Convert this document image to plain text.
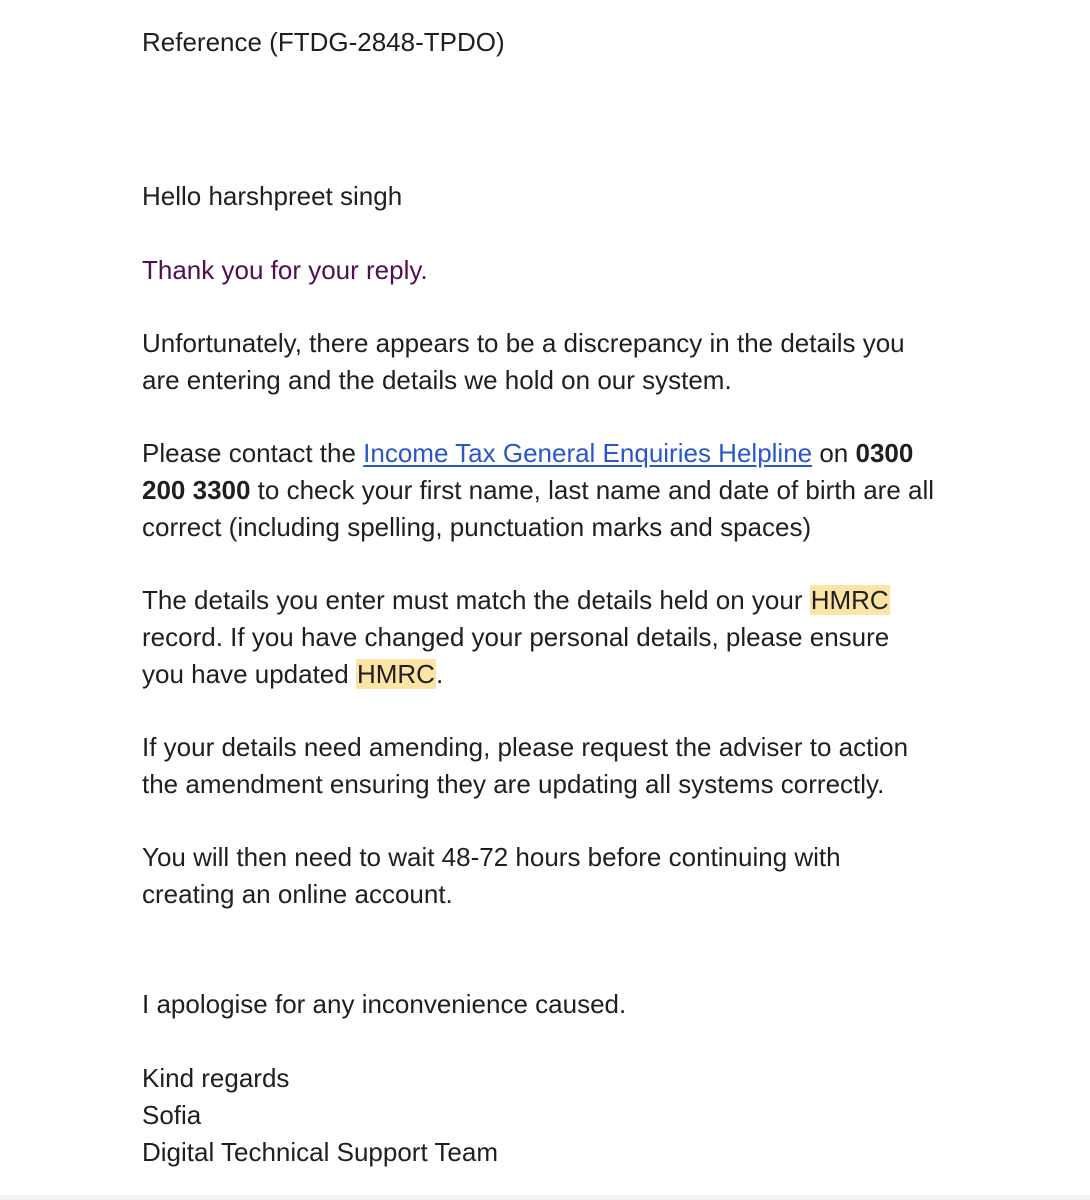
Reference (FTDG-2848-TPDO)
Hello harshpreet singh
Thank you for your reply.
Unfortunately, there appears to be a discrepancy in the details you
are entering and the details we hold on our system.
Please contact the Income Tax General Enquiries Helpline on 0300
200 3300 to check your first name, last name and date of birth are all
correct (including spelling, punctuation marks and spaces)
The details you enter must match the details held on your HMRC
record. If you have changed your personal details, please ensure
you have updated HMRC.
If your details need amending, please request the adviser to action
the amendment ensuring they are updating all systems correctly.
You will then need to wait 48-72 hours before continuing with
creating an online account.
I apologise for any inconvenience caused.
Kind regards
Sofia
Digital Technical Support Team
